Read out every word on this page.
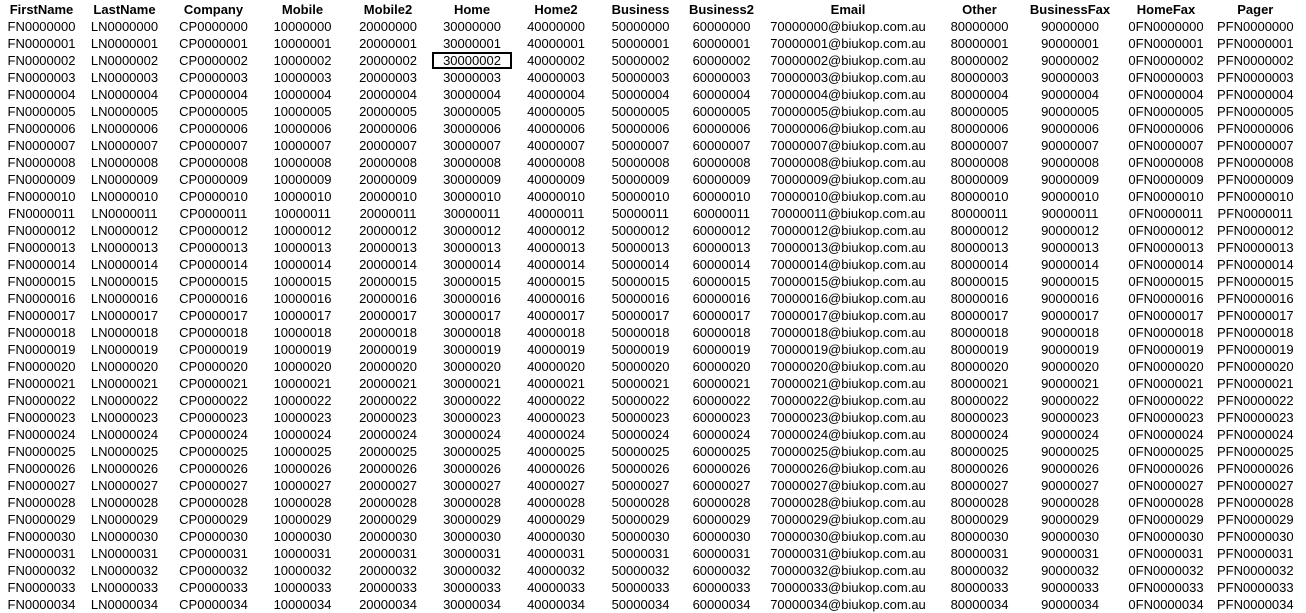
FirstName	LastName	Company	Mobile	Mobile2	Home	Home2	Business	Business2	Email	Other	BusinessFax	HomeFax	Pager
FN0000000	LN0000000	CP0000000	10000000	20000000	30000000	40000000	50000000	60000000	70000000@biukop.com.au	80000000	90000000	0FN0000000	PFN0000000
FN0000001	LN0000001	CP0000001	10000001	20000001	30000001	40000001	50000001	60000001	70000001@biukop.com.au	80000001	90000001	0FN0000001	PFN0000001
FN0000002	LN0000002	CP0000002	10000002	20000002	30000002	40000002	50000002	60000002	70000002@biukop.com.au	80000002	90000002	0FN0000002	PFN0000002
FN0000003	LN0000003	CP0000003	10000003	20000003	30000003	40000003	50000003	60000003	70000003@biukop.com.au	80000003	90000003	0FN0000003	PFN0000003
FN0000004	LN0000004	CP0000004	10000004	20000004	30000004	40000004	50000004	60000004	70000004@biukop.com.au	80000004	90000004	0FN0000004	PFN0000004
FN0000005	LN0000005	CP0000005	10000005	20000005	30000005	40000005	50000005	60000005	70000005@biukop.com.au	80000005	90000005	0FN0000005	PFN0000005
FN0000006	LN0000006	CP0000006	10000006	20000006	30000006	40000006	50000006	60000006	70000006@biukop.com.au	80000006	90000006	0FN0000006	PFN0000006
FN0000007	LN0000007	CP0000007	10000007	20000007	30000007	40000007	50000007	60000007	70000007@biukop.com.au	80000007	90000007	0FN0000007	PFN0000007
FN0000008	LN0000008	CP0000008	10000008	20000008	30000008	40000008	50000008	60000008	70000008@biukop.com.au	80000008	90000008	0FN0000008	PFN0000008
FN0000009	LN0000009	CP0000009	10000009	20000009	30000009	40000009	50000009	60000009	70000009@biukop.com.au	80000009	90000009	0FN0000009	PFN0000009
FN0000010	LN0000010	CP0000010	10000010	20000010	30000010	40000010	50000010	60000010	70000010@biukop.com.au	80000010	90000010	0FN0000010	PFN0000010
FN0000011	LN0000011	CP0000011	10000011	20000011	30000011	40000011	50000011	60000011	70000011@biukop.com.au	80000011	90000011	0FN0000011	PFN0000011
FN0000012	LN0000012	CP0000012	10000012	20000012	30000012	40000012	50000012	60000012	70000012@biukop.com.au	80000012	90000012	0FN0000012	PFN0000012
FN0000013	LN0000013	CP0000013	10000013	20000013	30000013	40000013	50000013	60000013	70000013@biukop.com.au	80000013	90000013	0FN0000013	PFN0000013
FN0000014	LN0000014	CP0000014	10000014	20000014	30000014	40000014	50000014	60000014	70000014@biukop.com.au	80000014	90000014	0FN0000014	PFN0000014
FN0000015	LN0000015	CP0000015	10000015	20000015	30000015	40000015	50000015	60000015	70000015@biukop.com.au	80000015	90000015	0FN0000015	PFN0000015
FN0000016	LN0000016	CP0000016	10000016	20000016	30000016	40000016	50000016	60000016	70000016@biukop.com.au	80000016	90000016	0FN0000016	PFN0000016
FN0000017	LN0000017	CP0000017	10000017	20000017	30000017	40000017	50000017	60000017	70000017@biukop.com.au	80000017	90000017	0FN0000017	PFN0000017
FN0000018	LN0000018	CP0000018	10000018	20000018	30000018	40000018	50000018	60000018	70000018@biukop.com.au	80000018	90000018	0FN0000018	PFN0000018
FN0000019	LN0000019	CP0000019	10000019	20000019	30000019	40000019	50000019	60000019	70000019@biukop.com.au	80000019	90000019	0FN0000019	PFN0000019
FN0000020	LN0000020	CP0000020	10000020	20000020	30000020	40000020	50000020	60000020	70000020@biukop.com.au	80000020	90000020	0FN0000020	PFN0000020
FN0000021	LN0000021	CP0000021	10000021	20000021	30000021	40000021	50000021	60000021	70000021@biukop.com.au	80000021	90000021	0FN0000021	PFN0000021
FN0000022	LN0000022	CP0000022	10000022	20000022	30000022	40000022	50000022	60000022	70000022@biukop.com.au	80000022	90000022	0FN0000022	PFN0000022
FN0000023	LN0000023	CP0000023	10000023	20000023	30000023	40000023	50000023	60000023	70000023@biukop.com.au	80000023	90000023	0FN0000023	PFN0000023
FN0000024	LN0000024	CP0000024	10000024	20000024	30000024	40000024	50000024	60000024	70000024@biukop.com.au	80000024	90000024	0FN0000024	PFN0000024
FN0000025	LN0000025	CP0000025	10000025	20000025	30000025	40000025	50000025	60000025	70000025@biukop.com.au	80000025	90000025	0FN0000025	PFN0000025
FN0000026	LN0000026	CP0000026	10000026	20000026	30000026	40000026	50000026	60000026	70000026@biukop.com.au	80000026	90000026	0FN0000026	PFN0000026
FN0000027	LN0000027	CP0000027	10000027	20000027	30000027	40000027	50000027	60000027	70000027@biukop.com.au	80000027	90000027	0FN0000027	PFN0000027
FN0000028	LN0000028	CP0000028	10000028	20000028	30000028	40000028	50000028	60000028	70000028@biukop.com.au	80000028	90000028	0FN0000028	PFN0000028
FN0000029	LN0000029	CP0000029	10000029	20000029	30000029	40000029	50000029	60000029	70000029@biukop.com.au	80000029	90000029	0FN0000029	PFN0000029
FN0000030	LN0000030	CP0000030	10000030	20000030	30000030	40000030	50000030	60000030	70000030@biukop.com.au	80000030	90000030	0FN0000030	PFN0000030
FN0000031	LN0000031	CP0000031	10000031	20000031	30000031	40000031	50000031	60000031	70000031@biukop.com.au	80000031	90000031	0FN0000031	PFN0000031
FN0000032	LN0000032	CP0000032	10000032	20000032	30000032	40000032	50000032	60000032	70000032@biukop.com.au	80000032	90000032	0FN0000032	PFN0000032
FN0000033	LN0000033	CP0000033	10000033	20000033	30000033	40000033	50000033	60000033	70000033@biukop.com.au	80000033	90000033	0FN0000033	PFN0000033
FN0000034	LN0000034	CP0000034	10000034	20000034	30000034	40000034	50000034	60000034	70000034@biukop.com.au	80000034	90000034	0FN0000034	PFN0000034
